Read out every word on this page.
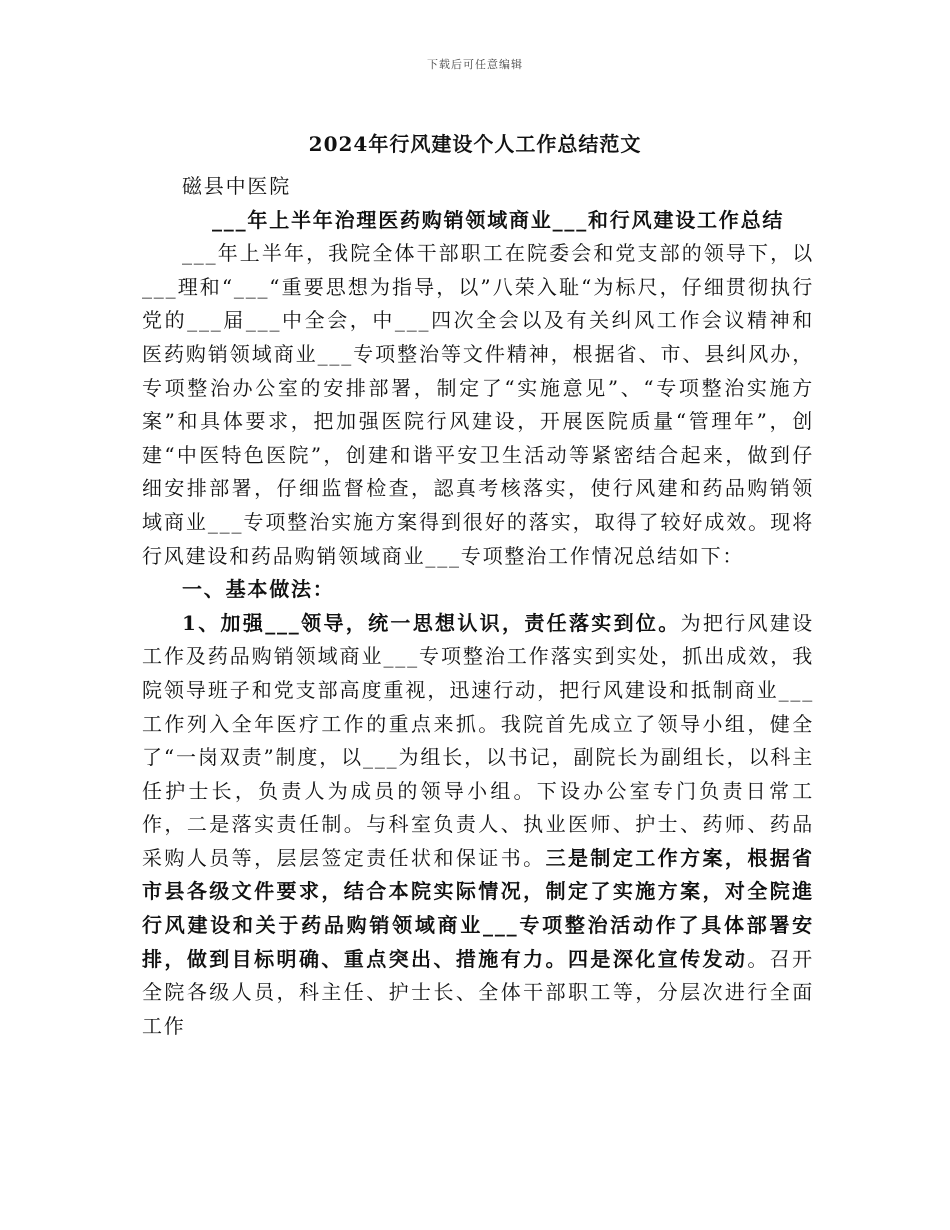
下载后可任意编辑
2024年行风建设个人工作总结范文

磁县中医院

___年上半年治理医药购销领域商业___和行风建设工作总结

___年上半年，我院全体干部职工在院委会和党支部的领导下，以___理和“___“重要思想为指导，以”八荣入耻“为标尺，仔细贯彻执行党的___届___中全会，中___四次全会以及有关纠风工作会议精神和医药购销领域商业___专项整治等文件精神，根据省、市、县纠风办，专项整治办公室的安排部署，制定了“实施意见”、“专项整治实施方案”和具体要求，把加强医院行风建设，开展医院质量“管理年”，创建“中医特色医院”，创建和谐平安卫生活动等紧密结合起来，做到仔细安排部署，仔细监督检查，認真考核落实，使行风建和药品购销领域商业___专项整治实施方案得到很好的落实，取得了较好成效。现将行风建设和药品购销领域商业___专项整治工作情况总结如下：

一、基本做法：

1、加强___领导，统一思想认识，责任落实到位。为把行风建设工作及药品购销领域商业___专项整治工作落实到实处，抓出成效，我院领导班子和党支部高度重视，迅速行动，把行风建设和抵制商业___工作列入全年医疗工作的重点来抓。我院首先成立了领导小组，健全了“一岗双责”制度，以___为组长，以书记，副院长为副组长，以科主任护士长，负责人为成员的领导小组。下设办公室专门负责日常工作，二是落实责任制。与科室负责人、执业医师、护士、药师、药品采购人员等，层层签定责任状和保证书。三是制定工作方案，根据省市县各级文件要求，结合本院实际情况，制定了实施方案，对全院進行风建设和关于药品购销领域商业___专项整治活动作了具体部署安排，做到目标明确、重点突出、措施有力。四是深化宣传发动。召开全院各级人员，科主任、护士长、全体干部职工等，分层次进行全面工作
